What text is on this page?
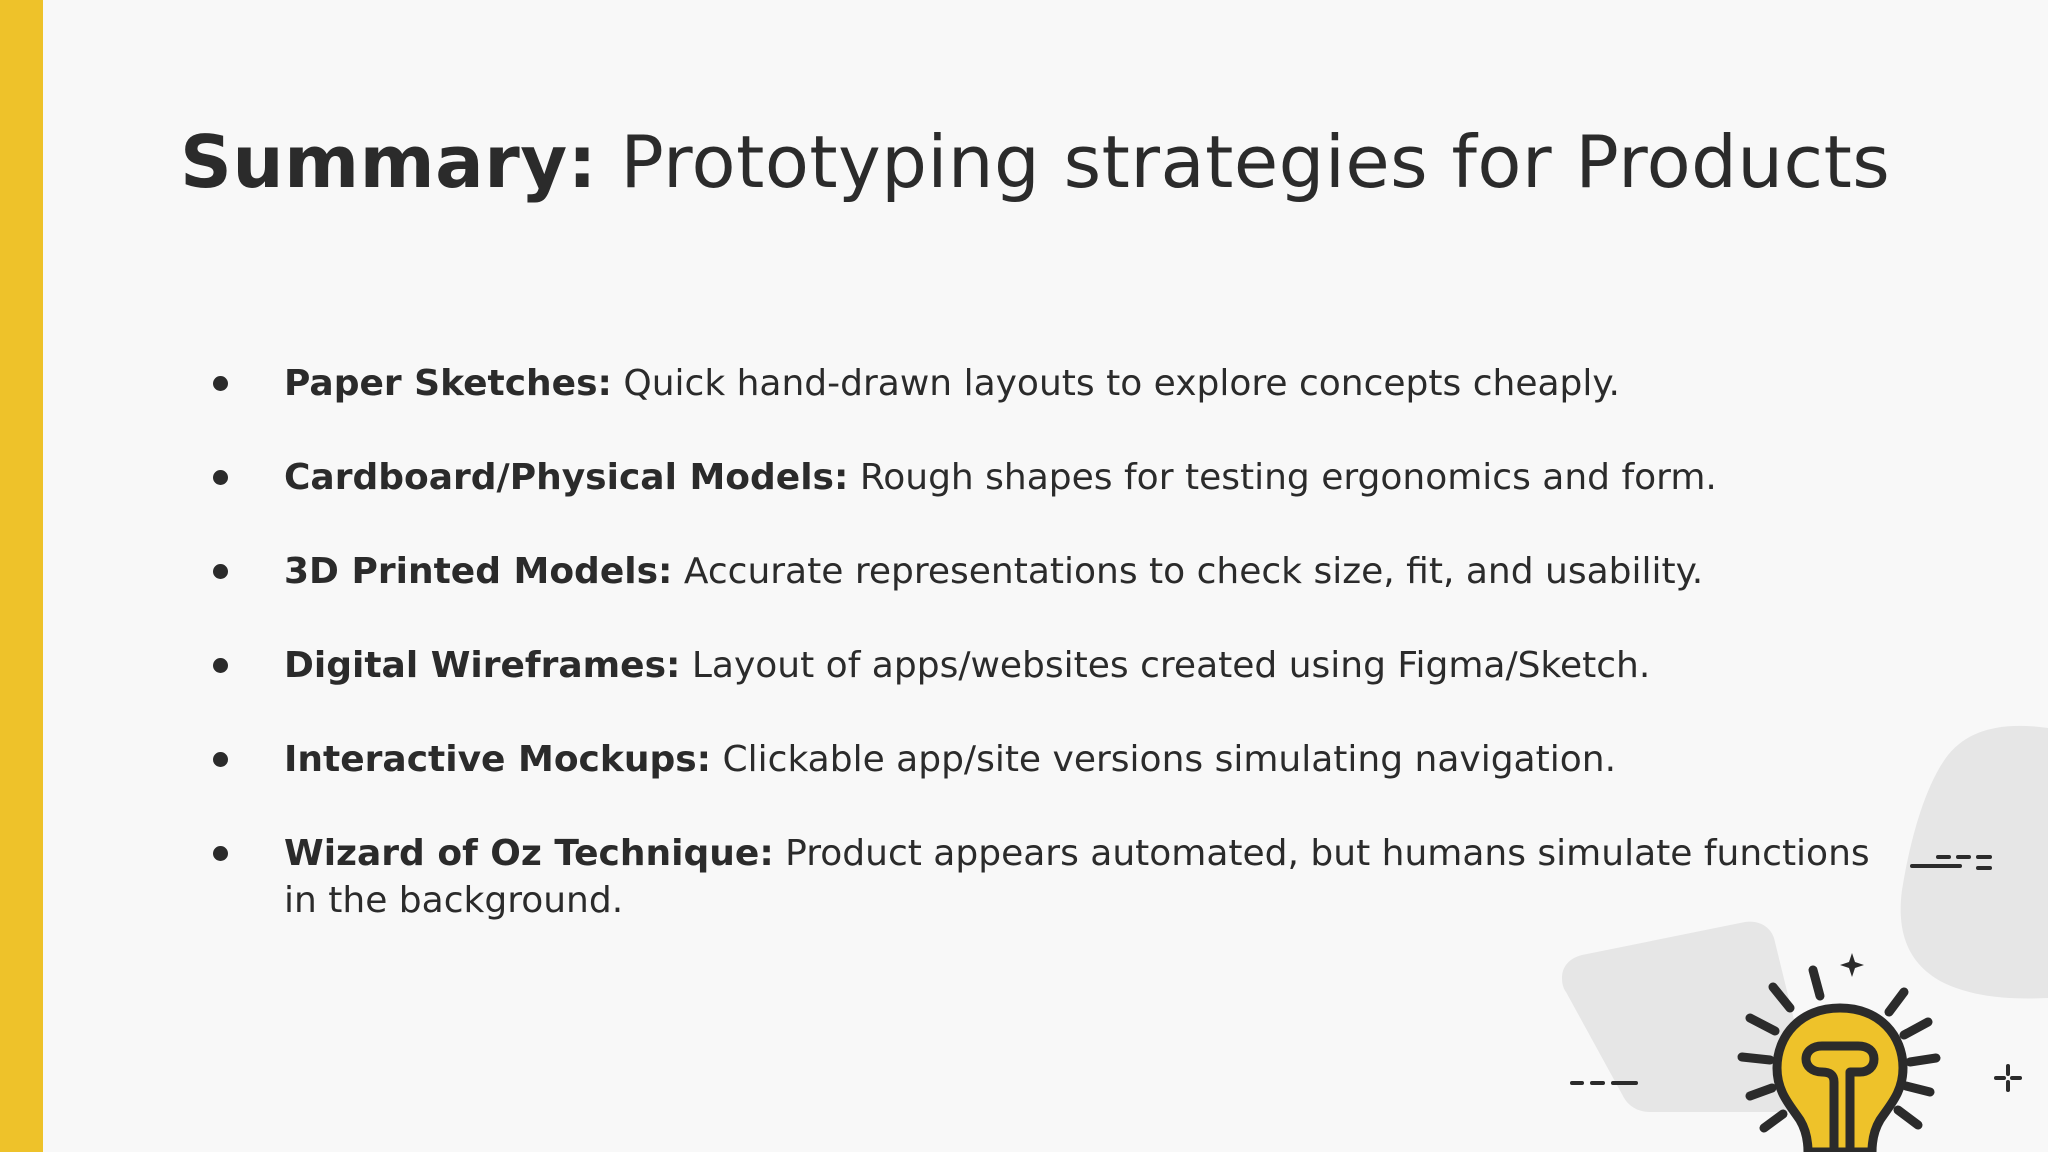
Summary: Prototyping strategies for Products
Paper Sketches: Quick hand-drawn layouts to explore concepts cheaply.
Cardboard/Physical Models: Rough shapes for testing ergonomics and form.
3D Printed Models: Accurate representations to check size, fit, and usability.
Digital Wireframes: Layout of apps/websites created using Figma/Sketch.
Interactive Mockups: Clickable app/site versions simulating navigation.
Wizard of Oz Technique: Product appears automated, but humans simulate functions in the background.
